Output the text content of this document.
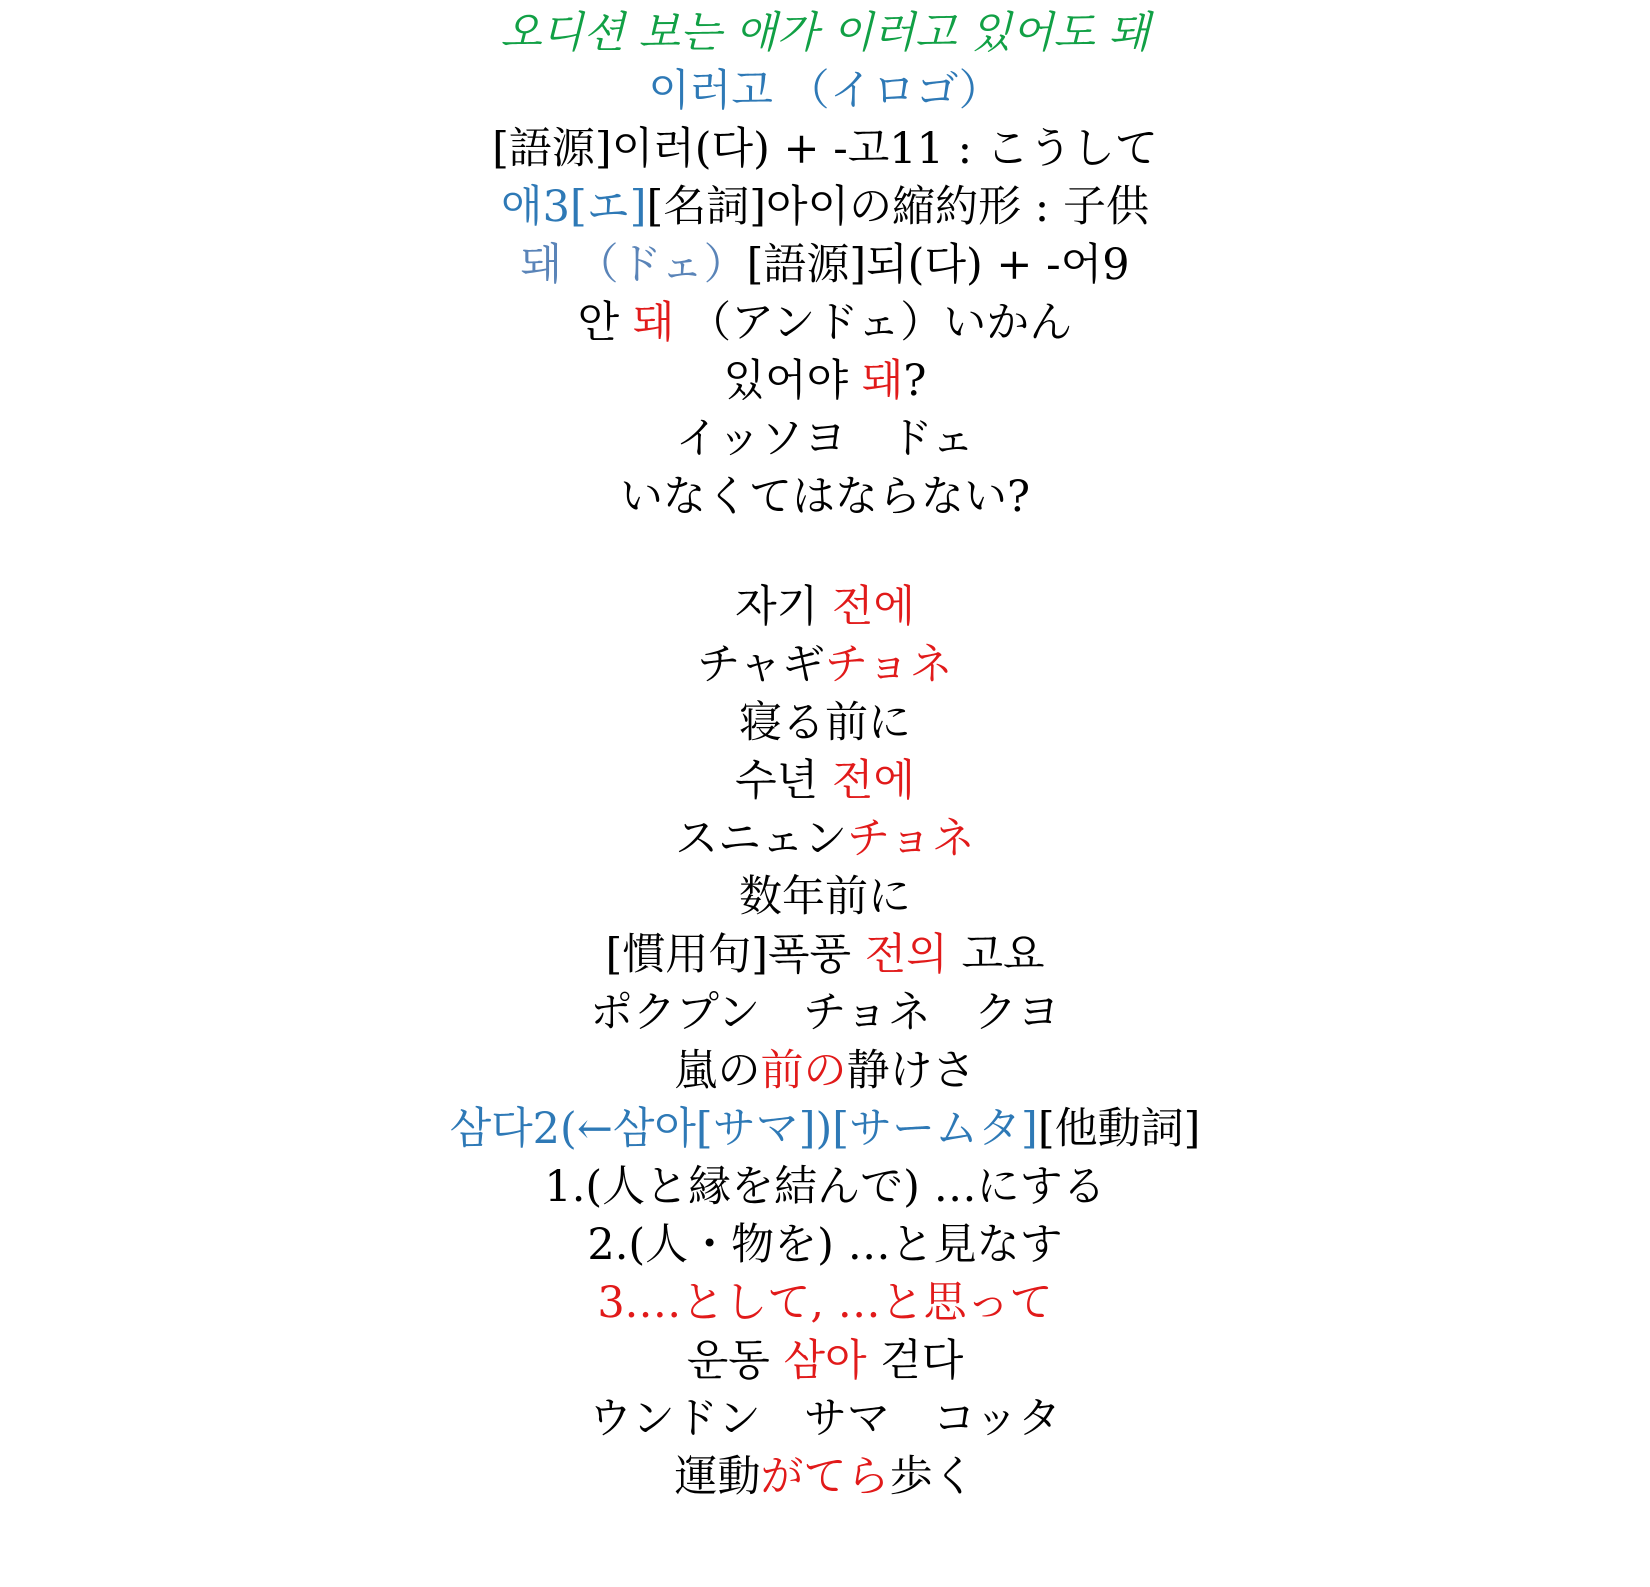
오디션 보는 애가 이러고 있어도 돼
이러고 （イロゴ）
[語源]이러(다) + -고11 : こうして
애3[エ][名詞]아이の縮約形 : 子供
돼 （ドェ）[語源]되(다) + -어9
안 돼 （アンドェ）いかん
있어야 돼?
イッソヨ　ドェ
いなくてはならない?
자기 전에
チャギチョネ
寝る前に
수년 전에
スニェンチョネ
数年前に
[慣用句]폭풍 전의 고요
ポクプン　チョネ　クヨ
嵐の前の静けさ
삼다2(←삼아[サマ])[サームタ][他動詞]
1.(人と縁を結んで) …にする
2.(人・物を) …と見なす
3.…として, …と思って
운동 삼아 걷다
ウンドン　サマ　コッタ
運動がてら歩く
